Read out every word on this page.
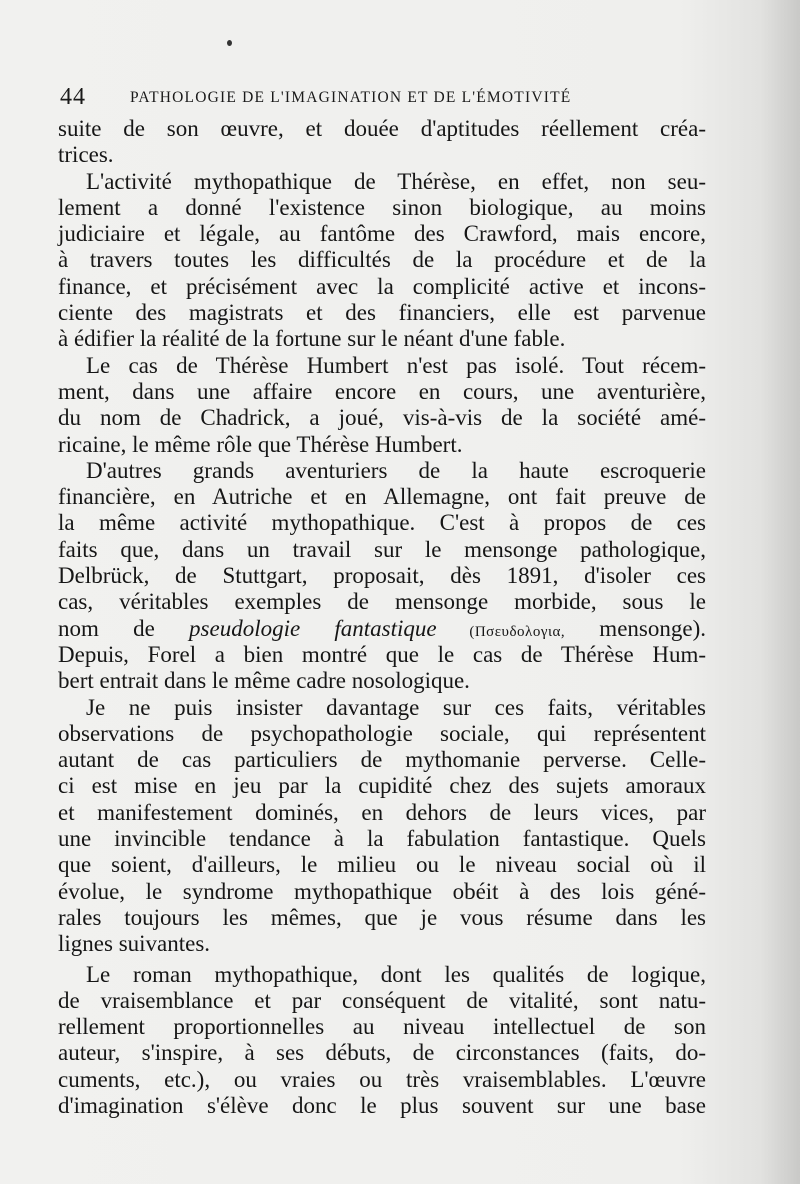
44	PATHOLOGIE DE L'IMAGINATION ET DE L'ÉMOTIVITÉ
suite de son œuvre, et douée d'aptitudes réellement créa-
trices.
L'activité mythopathique de Thérèse, en effet, non seu-
lement a donné l'existence sinon biologique, au moins
judiciaire et légale, au fantôme des Crawford, mais encore,
à travers toutes les difficultés de la procédure et de la
finance, et précisément avec la complicité active et incons-
ciente des magistrats et des financiers, elle est parvenue
à édifier la réalité de la fortune sur le néant d'une fable.
Le cas de Thérèse Humbert n'est pas isolé. Tout récem-
ment, dans une affaire encore en cours, une aventurière,
du nom de Chadrick, a joué, vis-à-vis de la société amé-
ricaine, le même rôle que Thérèse Humbert.
D'autres grands aventuriers de la haute escroquerie
financière, en Autriche et en Allemagne, ont fait preuve de
la même activité mythopathique. C'est à propos de ces
faits que, dans un travail sur le mensonge pathologique,
Delbrück, de Stuttgart, proposait, dès 1891, d'isoler ces
cas, véritables exemples de mensonge morbide, sous le
nom de pseudologie fantastique (Πσευδολογια, mensonge).
Depuis, Forel a bien montré que le cas de Thérèse Hum-
bert entrait dans le même cadre nosologique.
Je ne puis insister davantage sur ces faits, véritables
observations de psychopathologie sociale, qui représentent
autant de cas particuliers de mythomanie perverse. Celle-
ci est mise en jeu par la cupidité chez des sujets amoraux
et manifestement dominés, en dehors de leurs vices, par
une invincible tendance à la fabulation fantastique. Quels
que soient, d'ailleurs, le milieu ou le niveau social où il
évolue, le syndrome mythopathique obéit à des lois géné-
rales toujours les mêmes, que je vous résume dans les
lignes suivantes.
Le roman mythopathique, dont les qualités de logique,
de vraisemblance et par conséquent de vitalité, sont natu-
rellement proportionnelles au niveau intellectuel de son
auteur, s'inspire, à ses débuts, de circonstances (faits, do-
cuments, etc.), ou vraies ou très vraisemblables. L'œuvre
d'imagination s'élève donc le plus souvent sur une base
